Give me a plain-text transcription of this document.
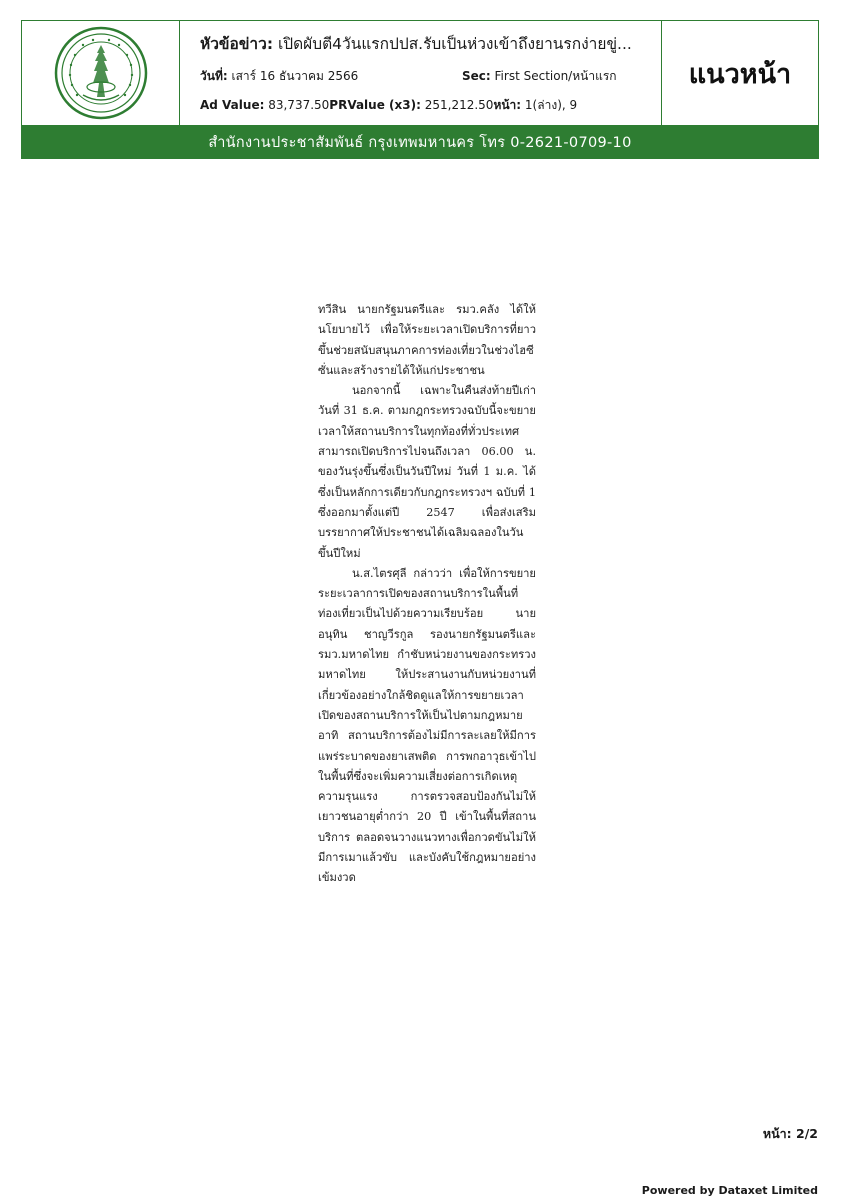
หัวข้อข่าว: เปิดผับตี4วันแรกปปส.รับเป็นห่วงเข้าถึงยานรกง่ายขู่...
วันที่: เสาร์ 16 ธันวาคม 2566	Sec: First Section/หน้าแรก
Ad Value: 83,737.50PRValue (x3): 251,212.50หน้า: 1(ล่าง), 9
แนวหน้า
สำนักงานประชาสัมพันธ์ กรุงเทพมหานคร โทร 0-2621-0709-10

ทวีสิน นายกรัฐมนตรีและ รมว.คลัง ได้ให้นโยบายไว้ เพื่อให้ระยะเวลาเปิดบริการที่ยาวขึ้นช่วยสนับสนุนภาคการท่องเที่ยวในช่วงไฮซีซั่นและสร้างรายได้ให้แก่ประชาชน

นอกจากนี้ เฉพาะในคืนส่งท้ายปีเก่า วันที่ 31 ธ.ค. ตามกฎกระทรวงฉบับนี้จะขยายเวลาให้สถานบริการในทุกท้องที่ทั่วประเทศสามารถเปิดบริการไปจนถึงเวลา 06.00 น. ของวันรุ่งขึ้นซึ่งเป็นวันปีใหม่ วันที่ 1 ม.ค. ได้ ซึ่งเป็นหลักการเดียวกับกฎกระทรวงฯ ฉบับที่ 1 ซึ่งออกมาตั้งแต่ปี 2547 เพื่อส่งเสริมบรรยากาศให้ประชาชนได้เฉลิมฉลองในวันขึ้นปีใหม่

น.ส.ไตรศุลี กล่าวว่า เพื่อให้การขยายระยะเวลาการเปิดของสถานบริการในพื้นที่ท่องเที่ยวเป็นไปด้วยความเรียบร้อย นายอนุทิน ชาญวีรกูล รองนายกรัฐมนตรีและรมว.มหาดไทย กำชับหน่วยงานของกระทรวงมหาดไทย ให้ประสานงานกับหน่วยงานที่เกี่ยวข้องอย่างใกล้ชิดดูแลให้การขยายเวลาเปิดของสถานบริการให้เป็นไปตามกฎหมาย อาทิ สถานบริการต้องไม่มีการละเลยให้มีการแพร่ระบาดของยาเสพติด การพกอาวุธเข้าไปในพื้นที่ซึ่งจะเพิ่มความเสี่ยงต่อการเกิดเหตุความรุนแรง การตรวจสอบป้องกันไม่ให้เยาวชนอายุต่ำกว่า 20 ปี เข้าในพื้นที่สถานบริการ ตลอดจนวางแนวทางเพื่อกวดขันไม่ให้มีการเมาแล้วขับ และบังคับใช้กฎหมายอย่างเข้มงวด

หน้า: 2/2
Powered by Dataxet Limited
